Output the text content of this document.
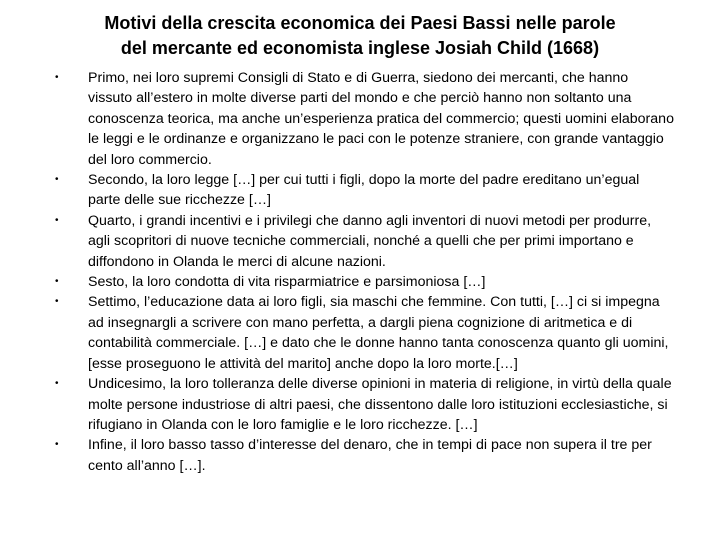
Motivi della crescita economica dei Paesi Bassi nelle parole
del mercante ed economista inglese Josiah Child (1668)
• Primo, nei loro supremi Consigli di Stato e di Guerra, siedono dei mercanti, che hanno vissuto all’estero in molte diverse parti del mondo e che perciò hanno non soltanto una conoscenza teorica, ma anche un’esperienza pratica del commercio; questi uomini elaborano le leggi e le ordinanze e organizzano le paci con le potenze straniere, con grande vantaggio del loro commercio.
• Secondo, la loro legge […] per cui tutti i figli, dopo la morte del padre ereditano un’egual parte delle sue ricchezze […]
• Quarto, i grandi incentivi e i privilegi che danno agli inventori di nuovi metodi per produrre, agli scopritori di nuove tecniche commerciali, nonché a quelli che per primi importano e diffondono in Olanda le merci di alcune nazioni.
• Sesto, la loro condotta di vita risparmiatrice e parsimoniosa […]
• Settimo, l’educazione data ai loro figli, sia maschi che femmine. Con tutti, […] ci si impegna ad insegnargli a scrivere con mano perfetta, a dargli piena cognizione di aritmetica e di contabilità commerciale. […] e dato che le donne hanno tanta conoscenza quanto gli uomini, [esse proseguono le attività del marito] anche dopo la loro morte.[…]
• Undicesimo, la loro tolleranza delle diverse opinioni in materia di religione, in virtù della quale molte persone industriose di altri paesi, che dissentono dalle loro istituzioni ecclesiastiche, si rifugiano in Olanda con le loro famiglie e le loro ricchezze. […]
• Infine, il loro basso tasso d’interesse del denaro, che in tempi di pace non supera il tre per cento all’anno […].
